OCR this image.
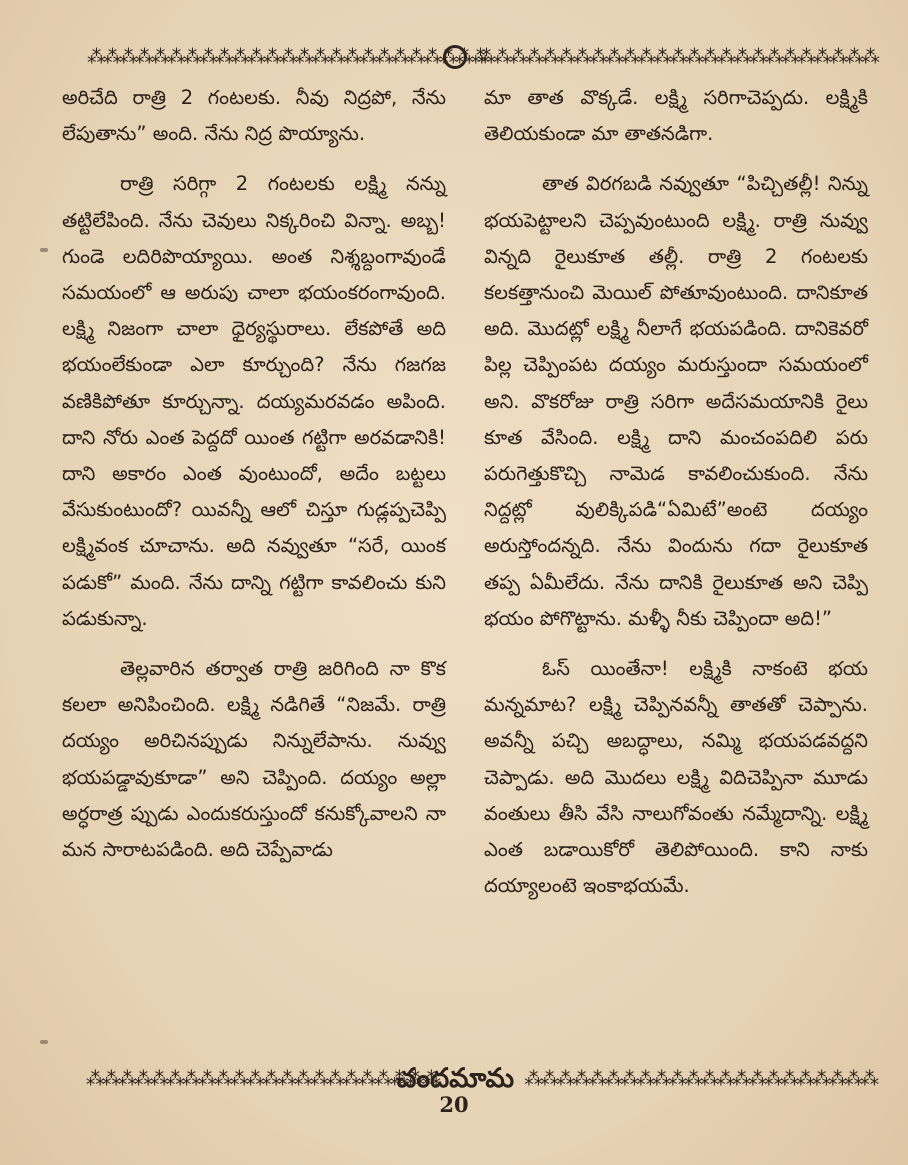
⁂⁂⁂⁂⁂⁂⁂⁂⁂⁂⁂⁂⁂⁂⁂⁂⁂⁂⁂⁂⁂⁂⁂⁂⁂
⁂⁂⁂⁂⁂⁂⁂⁂⁂⁂⁂⁂⁂⁂⁂⁂⁂⁂⁂⁂⁂⁂⁂⁂⁂

అరిచేది రాత్రి 2 గంటలకు. నీవు నిద్రపో, నేను లేపుతాను” అంది. నేను నిద్ర పొయ్యాను.

రాత్రి సరిగ్గా 2 గంటలకు లక్ష్మి నన్ను తట్టిలేపింది. నేను చెవులు నిక్కరించి విన్నా. అబ్బ! గుండె లదిరిపొయ్యాయి. అంత నిశ్శబ్దంగావుండే సమయంలో ఆ అరుపు చాలా భయంకరంగావుంది. లక్ష్మి నిజంగా చాలా ధైర్యస్థురాలు. లేకపోతే అది భయంలేకుండా ఎలా కూర్చుంది? నేను గజగజ వణికిపోతూ కూర్చున్నా. దయ్యమరవడం అపింది. దాని నోరు ఎంత పెద్దదో యింత గట్టిగా అరవడానికి! దాని అకారం ఎంత వుంటుందో, అదేం బట్టలు వేసుకుంటుందో? యివన్నీ ఆలో చిస్తూ గుడ్లప్పచెప్పి లక్ష్మివంక చూచాను. అది నవ్వుతూ “సరే, యింక పడుకో” మంది. నేను దాన్ని గట్టిగా కావలించు కుని పడుకున్నా.

తెల్లవారిన తర్వాత రాత్రి జరిగింది నా కొక కలలా అనిపించింది. లక్ష్మి నడిగితే “నిజమే. రాత్రి దయ్యం అరిచినప్పుడు నిన్నులేపాను. నువ్వు భయపడ్డావుకూడా” అని చెప్పింది. దయ్యం అల్లా అర్ధరాత్ర ప్పుడు ఎందుకరుస్తుందో కనుక్కోవాలని నా మన సారాటపడింది. అది చెప్పేవాడు

మా తాత వొక్కడే. లక్ష్మి సరిగాచెప్పదు. లక్ష్మికి తెలియకుండా మా తాతనడిగా.

తాత విరగబడి నవ్వుతూ “పిచ్చితల్లీ! నిన్ను భయపెట్టాలని చెప్పవుంటుంది లక్ష్మి. రాత్రి నువ్వు విన్నది రైలుకూత తల్లీ. రాత్రి 2 గంటలకు కలకత్తానుంచి మెయిల్ పోతూవుంటుంది. దానికూత అది. మొదట్లో లక్ష్మి నీలాగే భయపడింది. దానికెవరో పిల్ల చెప్పింపట దయ్యం మరుస్తుందా సమయంలో అని. వొకరోజు రాత్రి సరిగా అదేసమయానికి రైలు కూత వేసింది. లక్ష్మి దాని మంచంపదిలి పరు పరుగెత్తుకొచ్చి నామెడ కావలించుకుంది. నేను నిద్దట్లో వులిక్కిపడి“ఏమిటే”అంటె దయ్యం అరుస్తోందన్నది. నేను విందును గదా రైలుకూత తప్ప ఏమీలేదు. నేను దానికి రైలుకూత అని చెప్పి భయం పోగొట్టాను. మళ్ళీ నీకు చెప్పిందా అది!”

ఓస్ యింతేనా! లక్ష్మికి నాకంటె భయ మన్నమాట? లక్ష్మి చెప్పినవన్నీ తాతతో చెప్పాను. అవన్నీ పచ్చి అబద్ధాలు, నమ్మి భయపడవద్దని చెప్పాడు. అది మొదలు లక్ష్మి విదిచెప్పినా మూడు వంతులు తీసి వేసి నాలుగోవంతు నమ్మేదాన్ని. లక్ష్మి ఎంత బడాయికోరో తెలిపోయింది. కాని నాకు దయ్యాలంటె ఇంకాభయమే.

⁂⁂⁂⁂⁂⁂⁂⁂⁂⁂⁂⁂⁂⁂⁂⁂⁂⁂⁂⁂⁂⁂
చందమామ ⁂⁂⁂⁂⁂⁂⁂⁂⁂⁂⁂⁂⁂⁂⁂⁂⁂⁂⁂⁂⁂⁂
20
